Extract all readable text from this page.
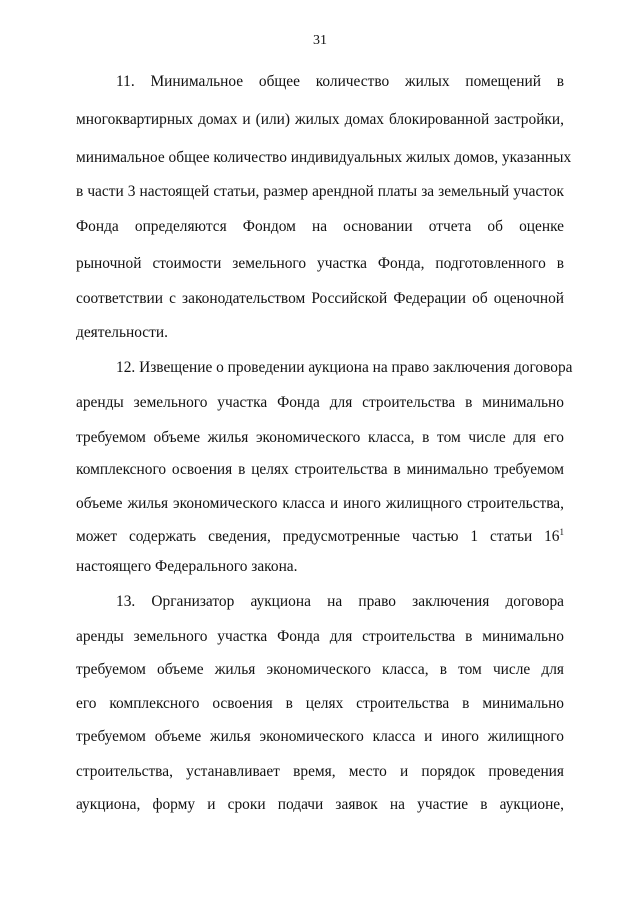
31
11. Минимальное общее количество жилых помещений в
многоквартирных домах и (или) жилых домах блокированной застройки,
минимальное общее количество индивидуальных жилых домов, указанных
в части 3 настоящей статьи, размер арендной платы за земельный участок
Фонда определяются Фондом на основании отчета об оценке
рыночной стоимости земельного участка Фонда, подготовленного в
соответствии с законодательством Российской Федерации об оценочной
деятельности.
12. Извещение о проведении аукциона на право заключения договора
аренды земельного участка Фонда для строительства в минимально
требуемом объеме жилья экономического класса, в том числе для его
комплексного освоения в целях строительства в минимально требуемом
объеме жилья экономического класса и иного жилищного строительства,
может содержать сведения, предусмотренные частью 1 статьи $16^1$
настоящего Федерального закона.
13. Организатор аукциона на право заключения договора
аренды земельного участка Фонда для строительства в минимально
требуемом объеме жилья экономического класса, в том числе для
его комплексного освоения в целях строительства в минимально
требуемом объеме жилья экономического класса и иного жилищного
строительства, устанавливает время, место и порядок проведения
аукциона, форму и сроки подачи заявок на участие в аукционе,
